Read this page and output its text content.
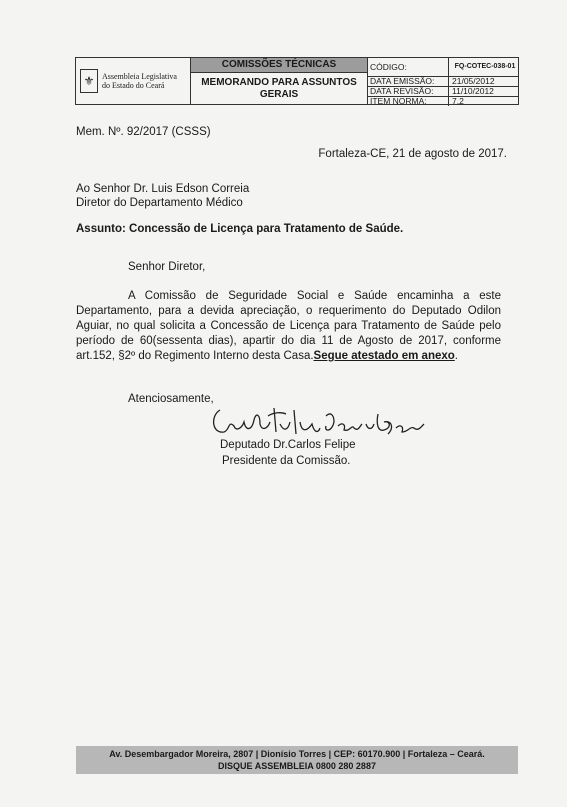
⚜ Assembleia Legislativa
do Estado do Ceará
COMISSÕES TÉCNICAS
MEMORANDO PARA ASSUNTOS GERAIS
CÓDIGO:	FQ-COTEC-038-01
DATA EMISSÃO:	21/05/2012
DATA REVISÃO:	11/10/2012
ITEM NORMA:	7.2
Mem. Nº. 92/2017 (CSSS)
Fortaleza-CE, 21 de agosto de 2017.
Ao Senhor Dr. Luis Edson Correia
Diretor do Departamento Médico
Assunto: Concessão de Licença para Tratamento de Saúde.
Senhor Diretor,
A Comissão de Seguridade Social e Saúde encaminha a este Departamento, para a devida apreciação, o requerimento do Deputado Odilon Aguiar, no qual solicita a Concessão de Licença para Tratamento de Saúde pelo período de 60(sessenta dias), apartir do dia 11 de Agosto de 2017, conforme art.152, §2º do Regimento Interno desta Casa.Segue atestado em anexo.
Atenciosamente,
Deputado Dr.Carlos Felipe
Presidente da Comissão.
Av. Desembargador Moreira, 2807 | Dionísio Torres | CEP: 60170.900 | Fortaleza – Ceará.
DISQUE ASSEMBLEIA 0800 280 2887
